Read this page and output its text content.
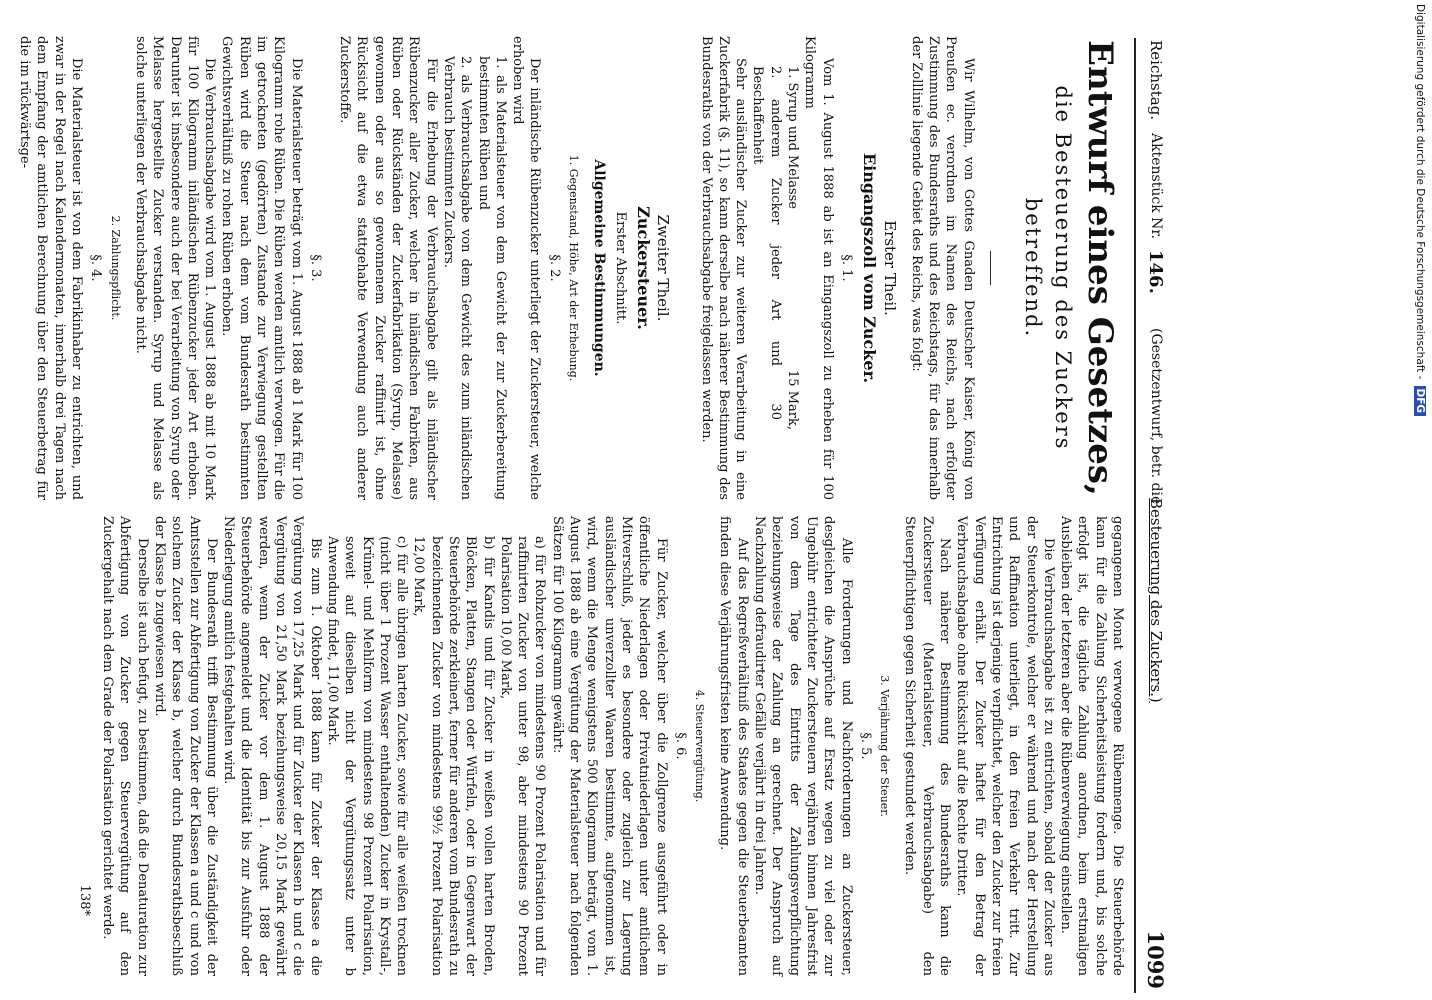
Reichstag.
Aktenstück Nr.
146.
(Gesetzentwurf, betr. die
Besteuerung des Zuckers.)
1099
Entwurf eines Gesetzes,
die Besteuerung des Zuckers betreffend.

Wir Wilhelm, von Gottes Gnaden Deutscher Kaiser, König von Preußen ec. verordnen im Namen des Reichs, nach erfolgter Zustimmung des Bundesraths und des Reichstags, für das innerhalb der Zolllinie liegende Gebiet des Reichs, was folgt:

Erster Theil.
Eingangszoll vom Zucker.
§. 1.

Vom 1. August 1888 ab ist an Eingangszoll zu erheben für 100 Kilogramm

1. Syrup und Melasse
15 Mark,
2. anderem Zucker jeder Art und Beschaffenheit
30

Sehr ausländischer Zucker zur weiteren Verarbeitung in eine Zuckerfabrik (§. 11), so kann derselbe nach näherer Bestimmung des Bundesraths von der Verbrauchsabgabe freigelassen werden.

Zweiter Theil.
Zuckersteuer.
Erster Abschnitt.
Allgemeine Bestimmungen.
1. Gegenstand, Höhe, Art der Erhebung.
§. 2.

Der inländische Rübenzucker unterliegt der Zuckersteuer, welche erhoben wird

1. als Materialsteuer von dem Gewicht der zur Zuckerbereitung bestimmten Rüben und

2. als Verbrauchsabgabe von dem Gewicht des zum inländischen Verbrauch bestimmten Zuckers.

Für die Erhebung der Verbrauchsabgabe gilt als inländischer Rübenzucker aller Zucker, welcher in inländischen Fabriken, aus Rüben oder Rückständen der Zuckerfabrikation (Syrup, Melasse) gewonnen oder aus so gewonnenem Zucker raffinirt ist, ohne Rücksicht auf die etwa stattgehabte Verwendung auch anderer Zuckerstoffe.

§. 3.

Die Materialsteuer beträgt vom 1. August 1888 ab 1 Mark für 100 Kilogramm rohe Rüben. Die Rüben werden amtlich verwogen. Für die im getrockneten (gedörrten) Zustande zur Verwiegung gestellten Rüben wird die Steuer nach dem vom Bundesrath bestimmten Gewichtsverhältniß zu rohen Rüben erhoben.

Die Verbrauchsabgabe wird vom 1. August 1888 ab mit 10 Mark für 100 Kilogramm inländischen Rübenzucker jeder Art erhoben. Darunter ist insbesondere auch der bei Verarbeitung von Syrup oder Melasse hergestellte Zucker verstanden. Syrup und Melasse als solche unterliegen der Verbrauchsabgabe nicht.

2. Zahlungspflicht.
§. 4.

Die Materialsteuer ist von dem Fabrikinhaber zu entrichten, und zwar in der Regel nach Kalendermonaten, innerhalb drei Tagen nach dem Empfang der amtlichen Berechnung über den Steuerbetrag für die im rückwärtsge-

gegangenen Monat verwogene Rübenmenge. Die Steuerbehörde kann für die Zahlung Sicherheitsleistung fordern und, bis solche erfolgt ist, die tägliche Zahlung anordnen, beim erstmaligen Ausbleiben der letzteren aber die Rübenverwiegung einstellen.

Die Verbrauchsabgabe ist zu entrichten, sobald der Zucker aus der Steuerkontrole, welcher er während und nach der Herstellung und Raffination unterliegt, in den freien Verkehr tritt. Zur Entrichtung ist derjenige verpflichtet, welcher den Zucker zur freien Verfügung erhält. Der Zucker haftet für den Betrag der Verbrauchsabgabe ohne Rücksicht auf die Rechte Dritter.

Nach näherer Bestimmung des Bundesraths kann die Zuckersteuer (Materialsteuer, Verbrauchsabgabe) den Steuerpflichtigen gegen Sicherheit gestundet werden.

3. Verjährung der Steuer.
§. 5.

Alle Forderungen und Nachforderungen an Zuckersteuer, desgleichen die Ansprüche auf Ersatz wegen zu viel oder zur Ungebühr entrichteter Zuckersteuern verjähren binnen Jahresfrist von dem Tage des Eintritts der Zahlungsverpflichtung beziehungsweise der Zahlung an gerechnet. Der Anspruch auf Nachzahlung defraudirter Gefälle verjährt in drei Jahren.

Auf das Regreßverhältniß des Staates gegen die Steuerbeamten finden diese Verjährungsfristen keine Anwendung.

4. Steuervergütung.
§. 6.

Für Zucker, welcher über die Zollgrenze ausgeführt oder in öffentliche Niederlagen oder Privatniederlagen unter amtlichem Mitverschluß, jeder es besondere oder zugleich zur Lagerung ausländischer unverzollter Waaren bestimmte, aufgenommen ist, wird, wenn die Menge wenigstens 500 Kilogramm beträgt, vom 1. August 1888 ab eine Vergütung der Materialsteuer nach folgenden Sätzen für 100 Kilogramm gewährt:

a) für Rohzucker von mindestens 90 Prozent Polarisation und für raffinirten Zucker von unter 98, aber mindestens 90 Prozent Polarisation 10,00 Mark,

b) für Kandis und für Zucker in weißen vollen harten Broden, Blöcken, Platten, Stangen oder Würfeln, oder in Gegenwart der Steuerbehörde zerkleinert, ferner für anderen vom Bundesrath zu bezeichnenden Zucker von mindestens 99½ Prozent Polarisation 12,00 Mark,

c) für alle übrigen harten Zucker, sowie für alle weißen trocknen (nicht über 1 Prozent Wasser enthaltenden) Zucker in Krystall-, Krümel- und Mehlform von mindestens 98 Prozent Polarisation, soweit auf dieselben nicht der Vergütungssatz unter b Anwendung findet, 11,00 Mark.

Bis zum 1. Oktober 1888 kann für Zucker der Klasse a die Vergütung von 17,25 Mark und für Zucker der Klassen b und c die Vergütung von 21,50 Mark beziehungsweise 20,15 Mark gewährt werden, wenn der Zucker vor dem 1. August 1888 der Steuerbehörde angemeldet und die Identität bis zur Ausfuhr oder Niederlegung amtlich festgehalten wird.

Der Bundesrath trifft Bestimmung über die Zuständigkeit der Amtsstellen zur Abfertigung von Zucker der Klassen a und c und von solchem Zucker der Klasse b, welcher durch Bundesrathsbeschluß der Klasse b zugewiesen wird.

Derselbe ist auch befugt, zu bestimmen, daß die Denaturation zur Abfertigung von Zucker gegen Steuervergütung auf den Zuckergehalt nach dem Grade der Polarisation gerichtet werde.

138*
Digitalisierung gefördert durch die Deutsche Forschungsgemeinschaft -DFG
